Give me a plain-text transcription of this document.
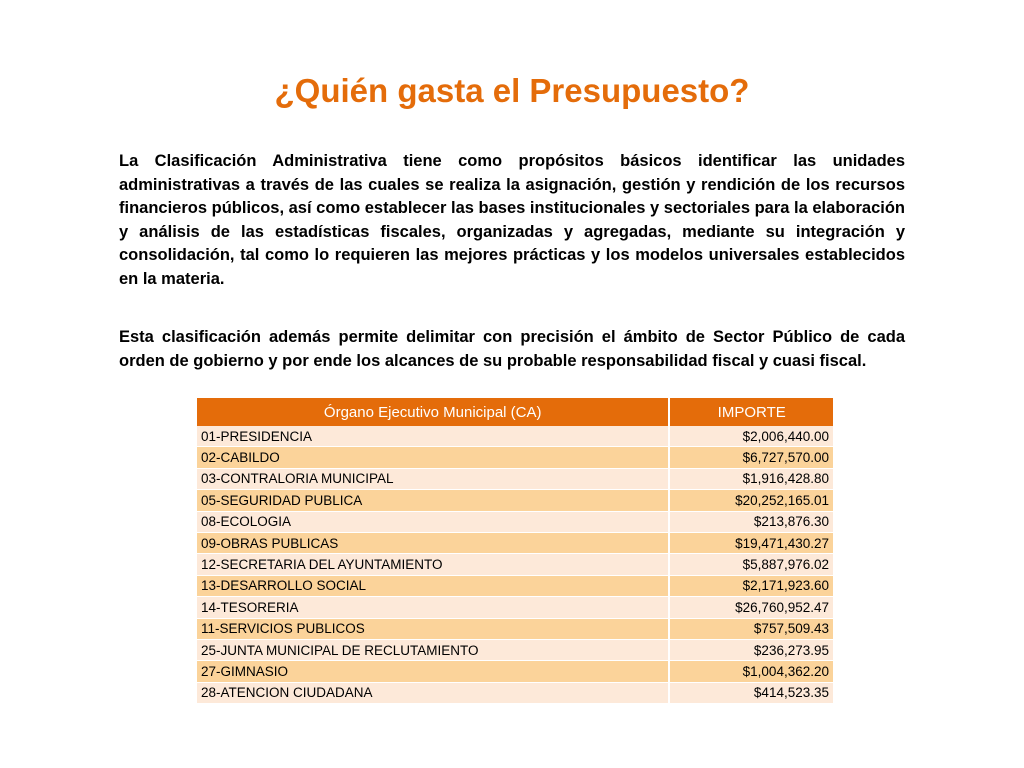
¿Quién gasta el Presupuesto?

La Clasificación Administrativa tiene como propósitos básicos identificar las unidades administrativas a través de las cuales se realiza la asignación, gestión y rendición de los recursos financieros públicos, así como establecer las bases institucionales y sectoriales para la elaboración y análisis de las estadísticas fiscales, organizadas y agregadas, mediante su integración y consolidación, tal como lo requieren las mejores prácticas y los modelos universales establecidos en la materia.

Esta clasificación además permite delimitar con precisión el ámbito de Sector Público de cada orden de gobierno y por ende los alcances de su probable responsabilidad fiscal y cuasi fiscal.

Órgano Ejecutivo Municipal (CA)	IMPORTE
01-PRESIDENCIA	$2,006,440.00
02-CABILDO	$6,727,570.00
03-CONTRALORIA MUNICIPAL	$1,916,428.80
05-SEGURIDAD PUBLICA	$20,252,165.01
08-ECOLOGIA	$213,876.30
09-OBRAS PUBLICAS	$19,471,430.27
12-SECRETARIA DEL AYUNTAMIENTO	$5,887,976.02
13-DESARROLLO SOCIAL	$2,171,923.60
14-TESORERIA	$26,760,952.47
11-SERVICIOS PUBLICOS	$757,509.43
25-JUNTA MUNICIPAL DE RECLUTAMIENTO	$236,273.95
27-GIMNASIO	$1,004,362.20
28-ATENCION CIUDADANA	$414,523.35
